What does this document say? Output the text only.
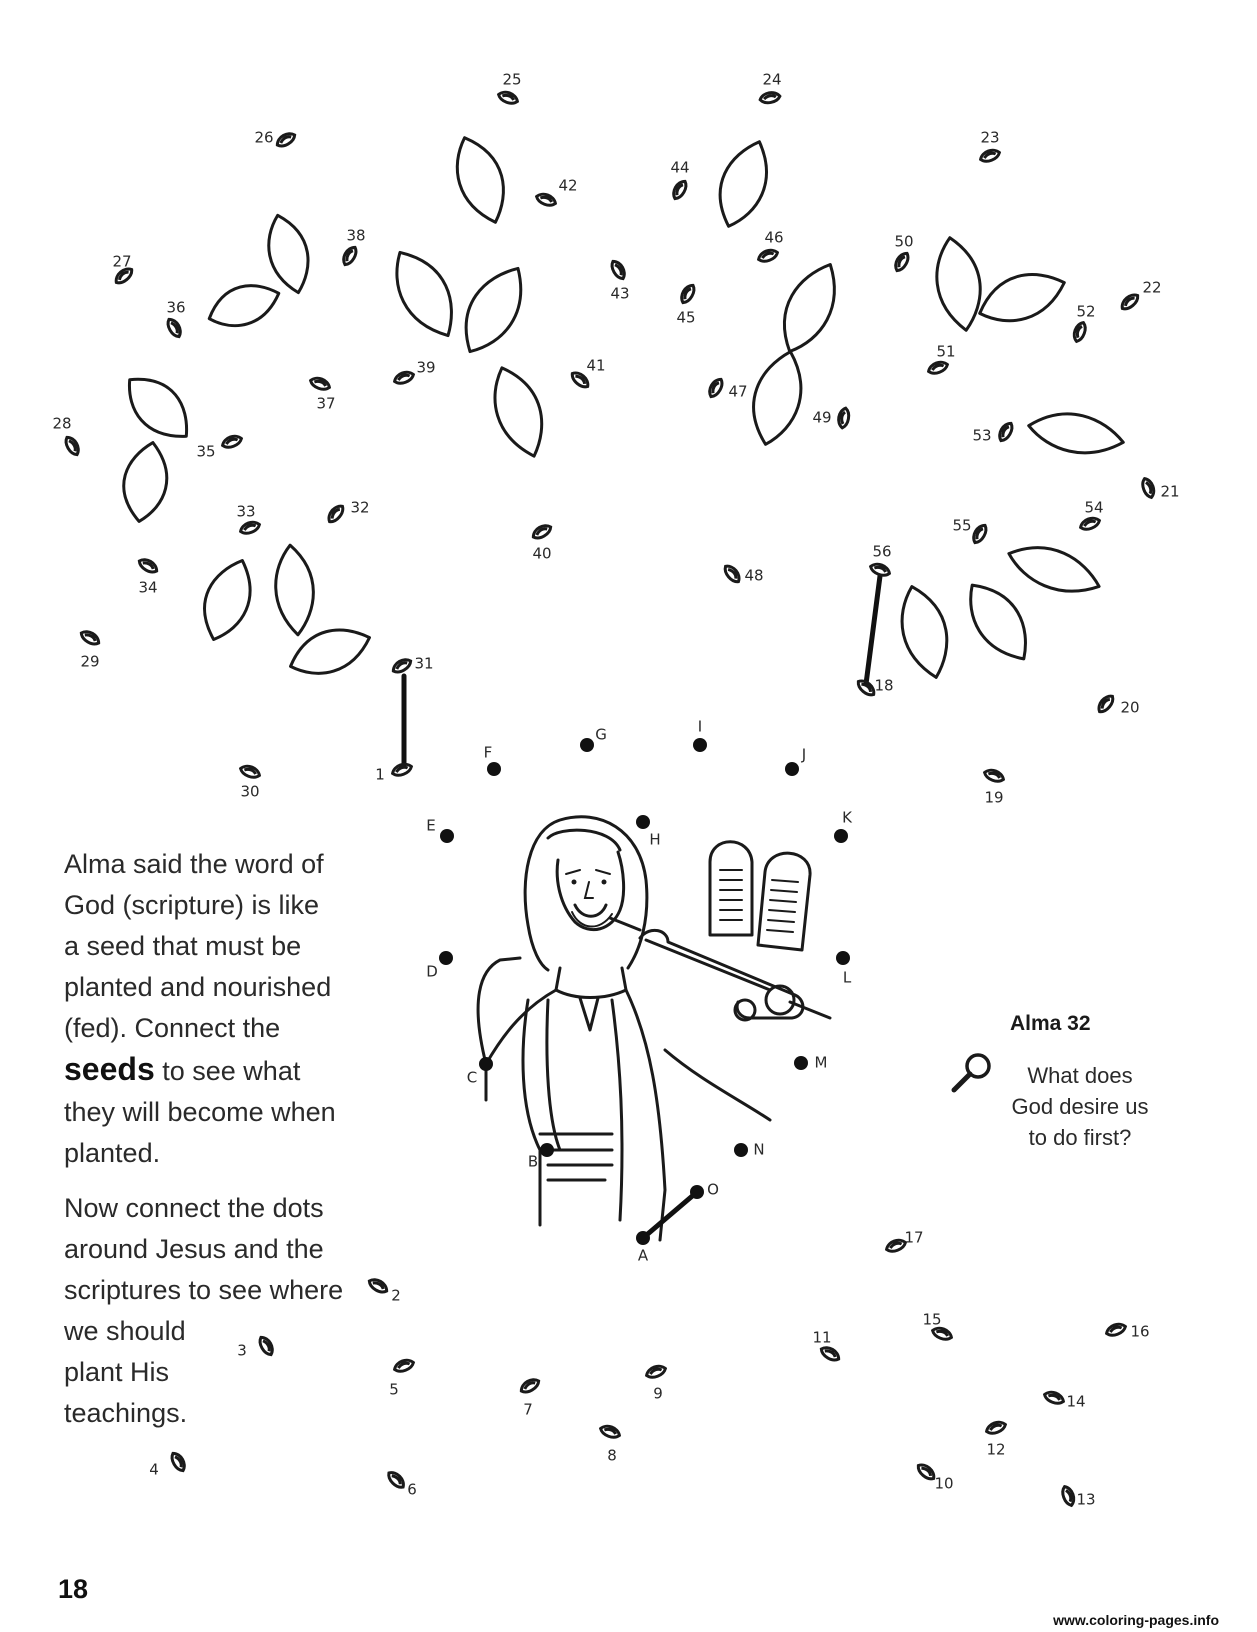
A
B
C
D
E
F
G
H
I
J
K
L
M
N
O
1
2
3
4
5
6
7
8
9
10
11
12
13
14
15
16
17
18
19
20
21
22
23
24
25
26
27
28
29
30
31
32
33
34
35
36
37
38
39
40
41
42
43
44
45
46
47
48
49
50
51
52
53
54
55
56

Alma said the word of
God (scripture) is like
a seed that must be
planted and nourished
(fed). Connect the
seeds to see what
they will become when
planted.

Now connect the dots
around Jesus and the
scriptures to see where
we should
plant His
teachings.

Alma 32
What does
God desire us
to do first?
18
www.coloring-pages.info
